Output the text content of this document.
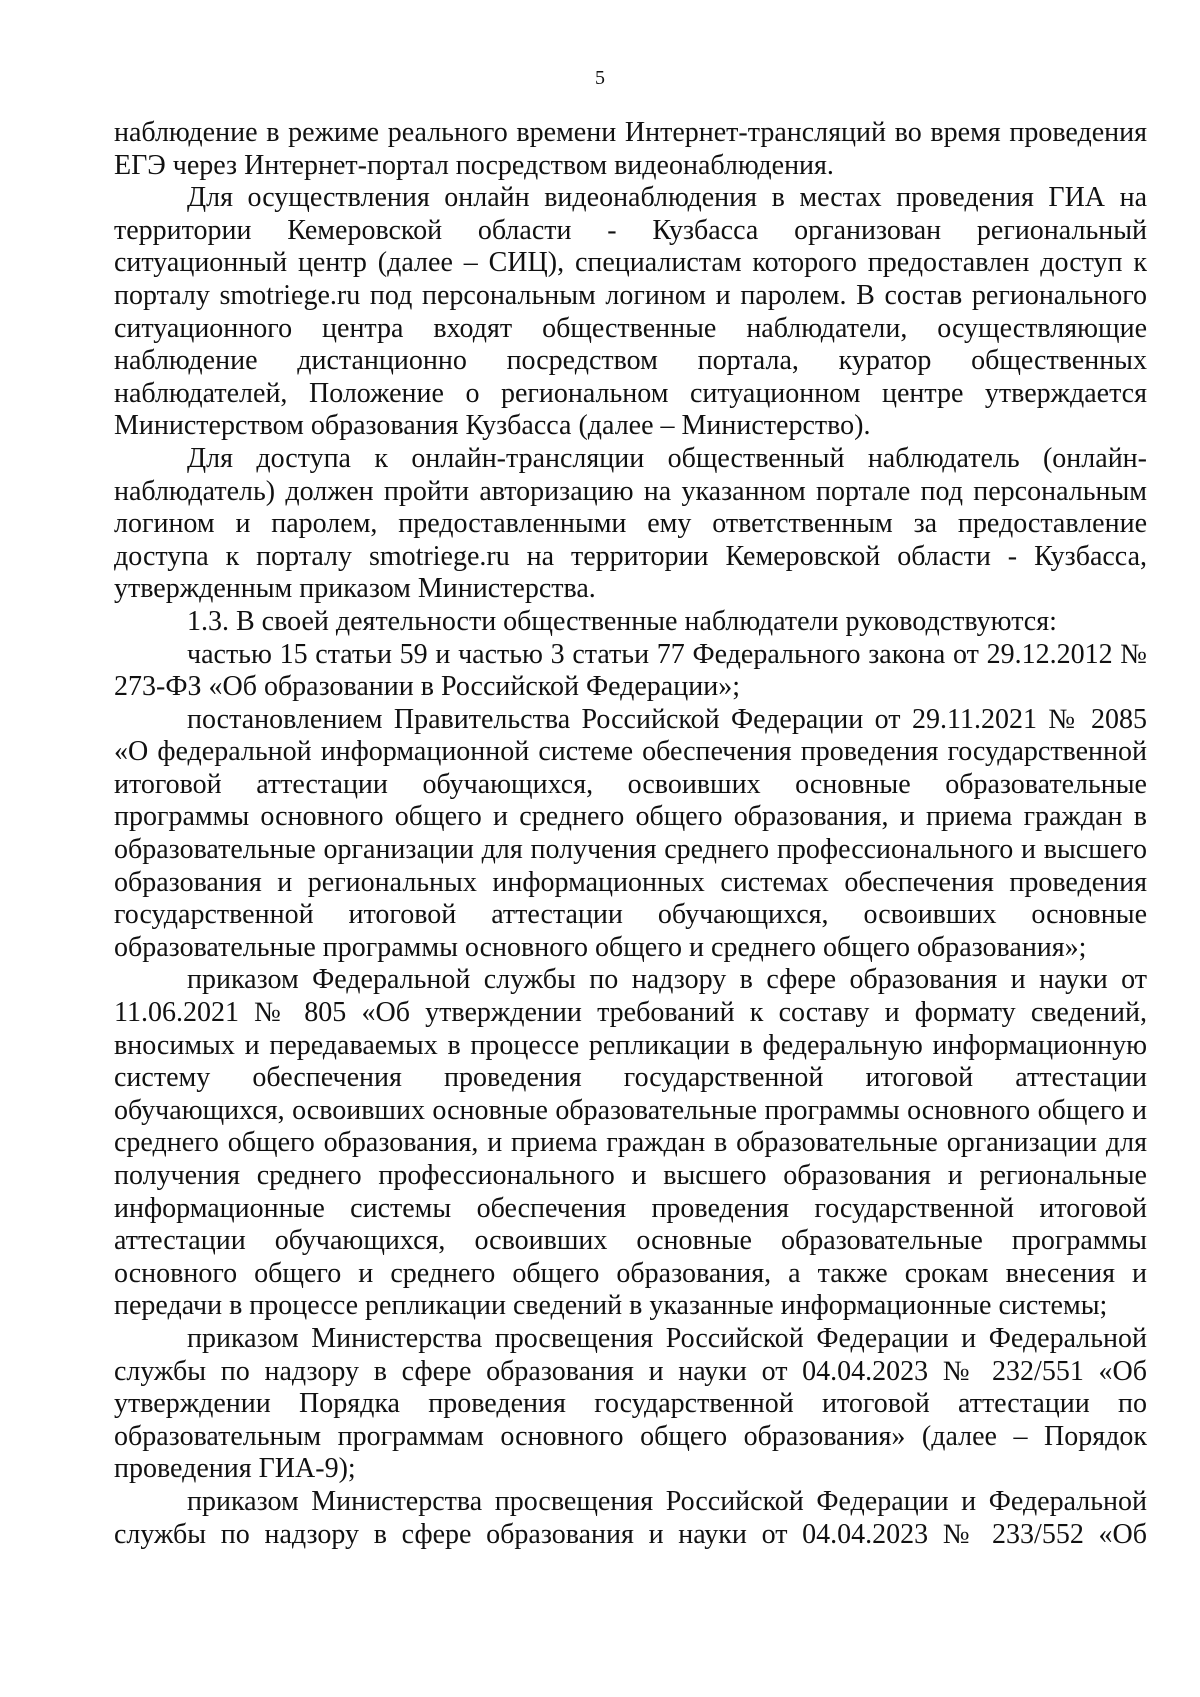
5

наблюдение в режиме реального времени Интернет-трансляций во время проведения ЕГЭ через Интернет-портал посредством видеонаблюдения.

Для осуществления онлайн видеонаблюдения в местах проведения ГИА на территории Кемеровской области - Кузбасса организован региональный ситуационный центр (далее – СИЦ), специалистам которого предоставлен доступ к порталу smotriege.ru под персональным логином и паролем. В состав регионального ситуационного центра входят общественные наблюдатели, осуществляющие наблюдение дистанционно посредством портала, куратор общественных наблюдателей, Положение о региональном ситуационном центре утверждается Министерством образования Кузбасса (далее – Министерство).

Для доступа к онлайн-трансляции общественный наблюдатель (онлайн-наблюдатель) должен пройти авторизацию на указанном портале под персональным логином и паролем, предоставленными ему ответственным за предоставление доступа к порталу smotriege.ru на территории Кемеровской области - Кузбасса, утвержденным приказом Министерства.

1.3. В своей деятельности общественные наблюдатели руководствуются:

частью 15 статьи 59 и частью 3 статьи 77 Федерального закона от 29.12.2012 № 273-ФЗ «Об образовании в Российской Федерации»;

постановлением Правительства Российской Федерации от 29.11.2021 № 2085 «О федеральной информационной системе обеспечения проведения государственной итоговой аттестации обучающихся, освоивших основные образовательные программы основного общего и среднего общего образования, и приема граждан в образовательные организации для получения среднего профессионального и высшего образования и региональных информационных системах обеспечения проведения государственной итоговой аттестации обучающихся, освоивших основные образовательные программы основного общего и среднего общего образования»;

приказом Федеральной службы по надзору в сфере образования и науки от 11.06.2021 № 805 «Об утверждении требований к составу и формату сведений, вносимых и передаваемых в процессе репликации в федеральную информационную систему обеспечения проведения государственной итоговой аттестации обучающихся, освоивших основные образовательные программы основного общего и среднего общего образования, и приема граждан в образовательные организации для получения среднего профессионального и высшего образования и региональные информационные системы обеспечения проведения государственной итоговой аттестации обучающихся, освоивших основные образовательные программы основного общего и среднего общего образования, а также срокам внесения и передачи в процессе репликации сведений в указанные информационные системы;

приказом Министерства просвещения Российской Федерации и Федеральной службы по надзору в сфере образования и науки от 04.04.2023 № 232/551 «Об утверждении Порядка проведения государственной итоговой аттестации по образовательным программам основного общего образования» (далее – Порядок проведения ГИА-9);

приказом Министерства просвещения Российской Федерации и Федеральной службы по надзору в сфере образования и науки от 04.04.2023 № 233/552 «Об
